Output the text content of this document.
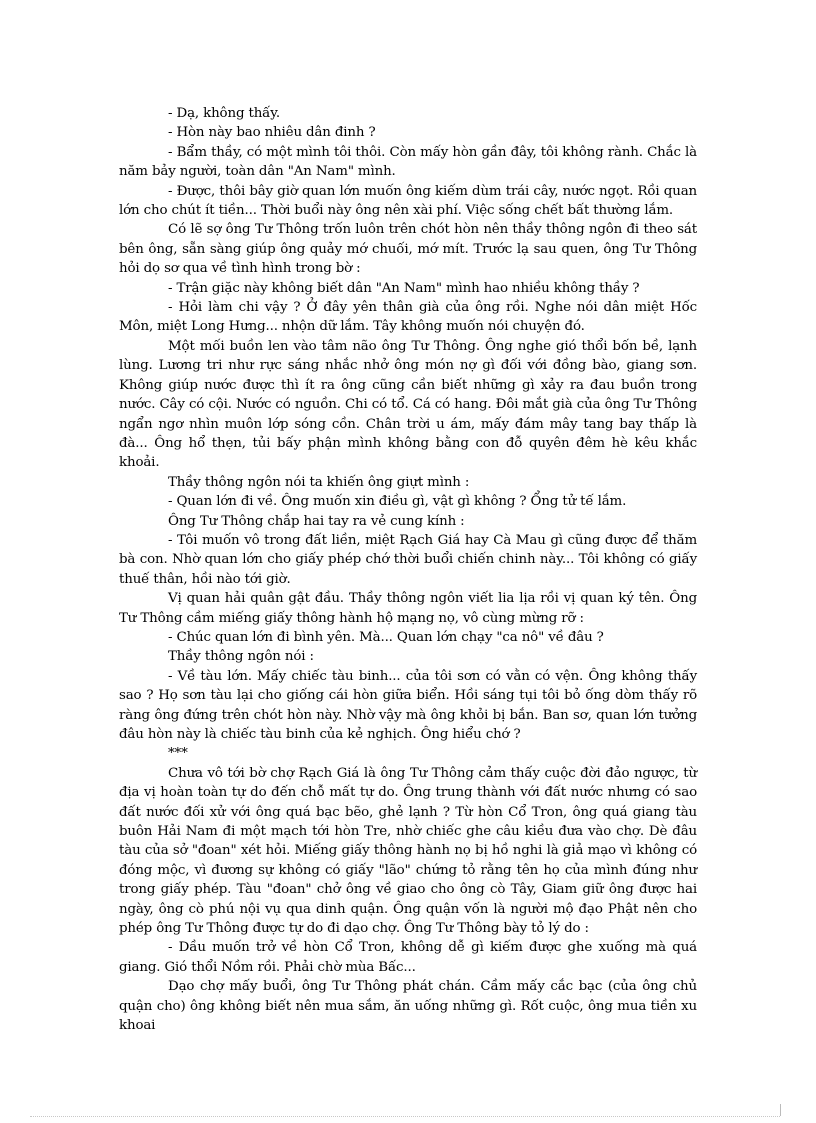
- Dạ, không thấy.

- Hòn này bao nhiêu dân đinh ?

- Bẩm thầy, có một mình tôi thôi. Còn mấy hòn gần đây, tôi không rành. Chắc là năm bảy người, toàn dân "An Nam" mình.

- Được, thôi bây giờ quan lớn muốn ông kiếm dùm trái cây, nước ngọt. Rồi quan lớn cho chút ít tiền... Thời buổi này ông nên xài phí. Việc sống chết bất thường lắm.

Có lẽ sợ ông Tư Thông trốn luôn trên chót hòn nên thầy thông ngôn đi theo sát bên ông, sẵn sàng giúp ông quảy mớ chuối, mớ mít. Trước lạ sau quen, ông Tư Thông hỏi dọ sơ qua về tình hình trong bờ :

- Trận giặc này không biết dân "An Nam" mình hao nhiều không thầy ?

- Hỏi làm chi vậy ? Ở đây yên thân già của ông rồi. Nghe nói dân miệt Hốc Môn, miệt Long Hưng... nhộn dữ lắm. Tây không muốn nói chuyện đó.

Một mối buồn len vào tâm não ông Tư Thông. Ông nghe gió thổi bốn bề, lạnh lùng. Lương tri như rực sáng nhắc nhở ông món nợ gì đối với đồng bào, giang sơn. Không giúp nước được thì ít ra ông cũng cần biết những gì xảy ra đau buồn trong nước. Cây có cội. Nước có nguồn. Chi có tổ. Cá có hang. Đôi mắt già của ông Tư Thông ngẩn ngơ nhìn muôn lớp sóng cồn. Chân trời u ám, mấy đám mây tang bay thấp là đà... Ông hổ thẹn, tủi bấy phận mình không bằng con đỗ quyên đêm hè kêu khắc khoải.

Thầy thông ngôn nói ta khiến ông giựt mình :

- Quan lớn đi về. Ông muốn xin điều gì, vật gì không ? Ổng tử tế lắm.

Ông Tư Thông chắp hai tay ra vẻ cung kính :

- Tôi muốn vô trong đất liền, miệt Rạch Giá hay Cà Mau gì cũng được để thăm bà con. Nhờ quan lớn cho giấy phép chớ thời buổi chiến chinh này... Tôi không có giấy thuế thân, hồi nào tới giờ.

Vị quan hải quân gật đầu. Thầy thông ngôn viết lia lịa rồi vị quan ký tên. Ông Tư Thông cầm miếng giấy thông hành hộ mạng nọ, vô cùng mừng rỡ :

- Chúc quan lớn đi bình yên. Mà... Quan lớn chạy "ca nô" về đâu ?

Thầy thông ngôn nói :

- Về tàu lớn. Mấy chiếc tàu binh... của tôi sơn có vằn có vện. Ông không thấy sao ? Họ sơn tàu lại cho giống cái hòn giữa biển. Hồi sáng tụi tôi bỏ ống dòm thấy rõ ràng ông đứng trên chót hòn này. Nhờ vậy mà ông khỏi bị bắn. Ban sơ, quan lớn tưởng đâu hòn này là chiếc tàu binh của kẻ nghịch. Ông hiểu chớ ?

***

Chưa vô tới bờ chợ Rạch Giá là ông Tư Thông cảm thấy cuộc đời đảo ngược, từ địa vị hoàn toàn tự do đến chỗ mất tự do. Ông trung thành với đất nước nhưng có sao đất nước đối xử với ông quá bạc bẽo, ghẻ lạnh ? Từ hòn Cổ Tron, ông quá giang tàu buôn Hải Nam đi một mạch tới hòn Tre, nhờ chiếc ghe câu kiều đưa vào chợ. Dè đâu tàu của sở "đoan" xét hỏi. Miếng giấy thông hành nọ bị hồ nghi là giả mạo vì không có đóng mộc, vì đương sự không có giấy "lão" chứng tỏ rằng tên họ của mình đúng như trong giấy phép. Tàu "đoan" chở ông về giao cho ông cò Tây, Giam giữ ông được hai ngày, ông cò phú nội vụ qua dinh quận. Ông quận vốn là người mộ đạo Phật nên cho phép ông Tư Thông được tự do đi dạo chợ. Ông Tư Thông bày tỏ lý do :

- Dầu muốn trở về hòn Cổ Tron, không dễ gì kiếm được ghe xuống mà quá giang. Gió thổi Nồm rồi. Phải chờ mùa Bấc...

Dạo chợ mấy buổi, ông Tư Thông phát chán. Cầm mấy cắc bạc (của ông chủ quận cho) ông không biết nên mua sắm, ăn uống những gì. Rốt cuộc, ông mua tiền xu khoai
